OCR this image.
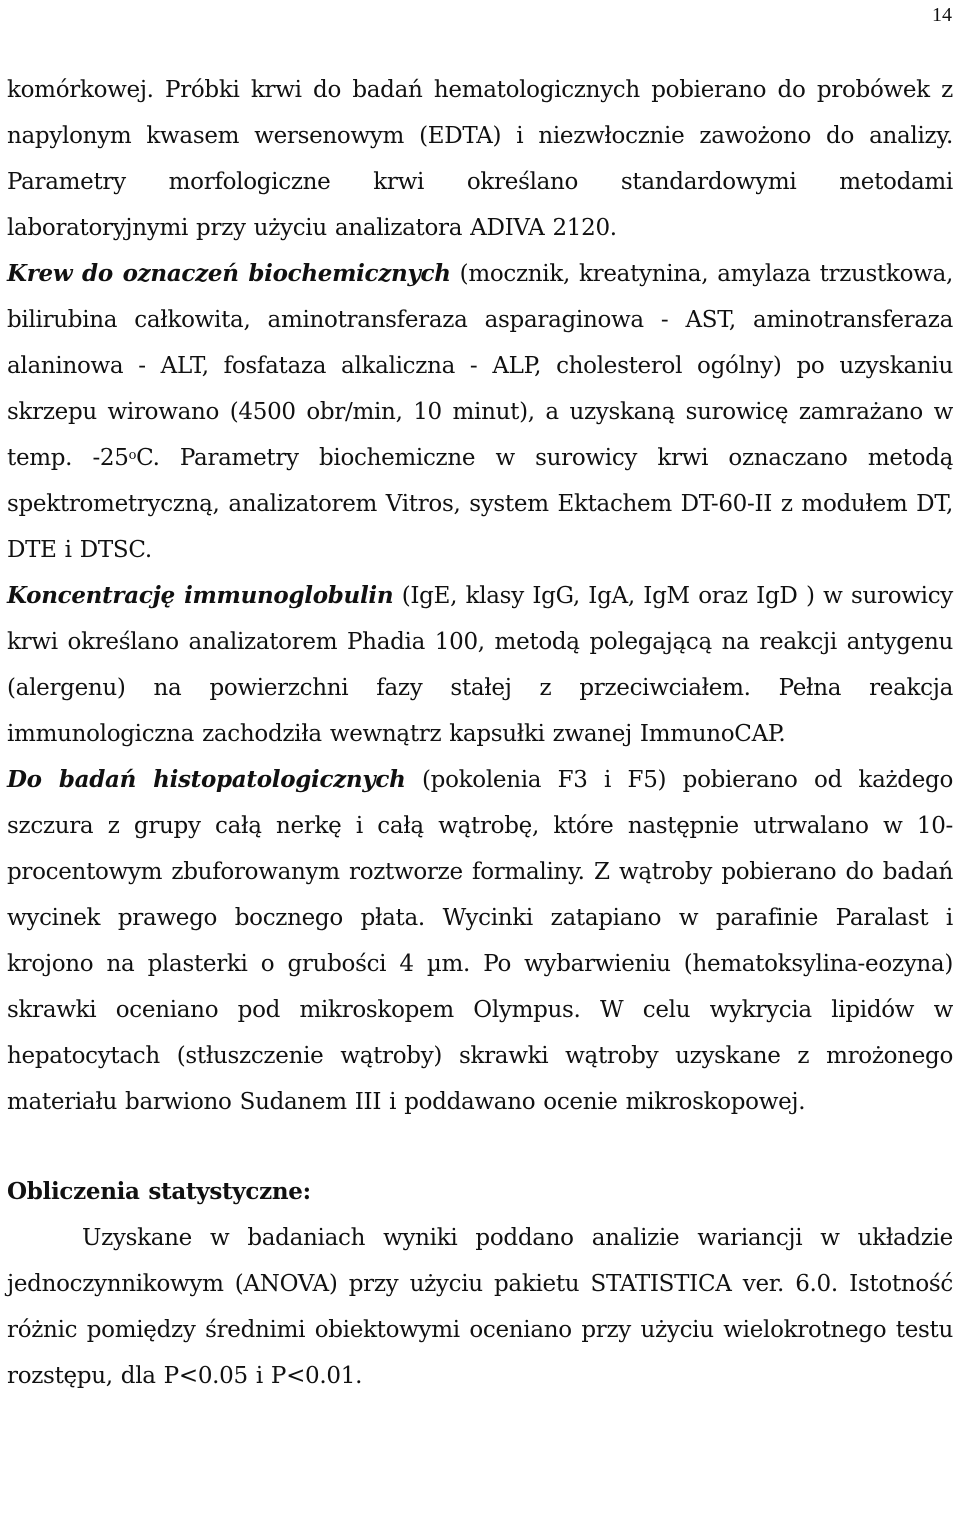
14

komórkowej. Próbki krwi do badań hematologicznych pobierano do probówek z napylonym kwasem wersenowym (EDTA) i niezwłocznie zawożono do analizy. Parametry morfologiczne krwi określano standardowymi metodami laboratoryjnymi przy użyciu analizatora ADIVA 2120.

Krew do oznaczeń biochemicznych (mocznik, kreatynina, amylaza trzustkowa, bilirubina całkowita, aminotransferaza asparaginowa - AST, aminotransferaza alaninowa - ALT, fosfataza alkaliczna - ALP, cholesterol ogólny) po uzyskaniu skrzepu wirowano (4500 obr/min, 10 minut), a uzyskaną surowicę zamrażano w temp. -25$^o$C. Parametry biochemiczne w surowicy krwi oznaczano metodą spektrometryczną, analizatorem Vitros, system Ektachem DT-60-II z modułem DT, DTE i DTSC.

Koncentrację immunoglobulin (IgE, klasy IgG, IgA, IgM oraz IgD ) w surowicy krwi określano analizatorem Phadia 100, metodą polegającą na reakcji antygenu (alergenu) na powierzchni fazy stałej z przeciwciałem. Pełna reakcja immunologiczna zachodziła wewnątrz kapsułki zwanej ImmunoCAP.

Do badań histopatologicznych (pokolenia F3 i F5) pobierano od każdego szczura z grupy całą nerkę i całą wątrobę, które następnie utrwalano w 10-procentowym zbuforowanym roztworze formaliny. Z wątroby pobierano do badań wycinek prawego bocznego płata. Wycinki zatapiano w parafinie Paralast i krojono na plasterki o grubości 4 µm. Po wybarwieniu (hematoksylina-eozyna) skrawki oceniano pod mikroskopem Olympus. W celu wykrycia lipidów w hepatocytach (stłuszczenie wątroby) skrawki wątroby uzyskane z mrożonego materiału barwiono Sudanem III i poddawano ocenie mikroskopowej.

Obliczenia statystyczne:

Uzyskane w badaniach wyniki poddano analizie wariancji w układzie jednoczynnikowym (ANOVA) przy użyciu pakietu STATISTICA ver. 6.0. Istotność różnic pomiędzy średnimi obiektowymi oceniano przy użyciu wielokrotnego testu rozstępu, dla P<0.05 i P<0.01.
